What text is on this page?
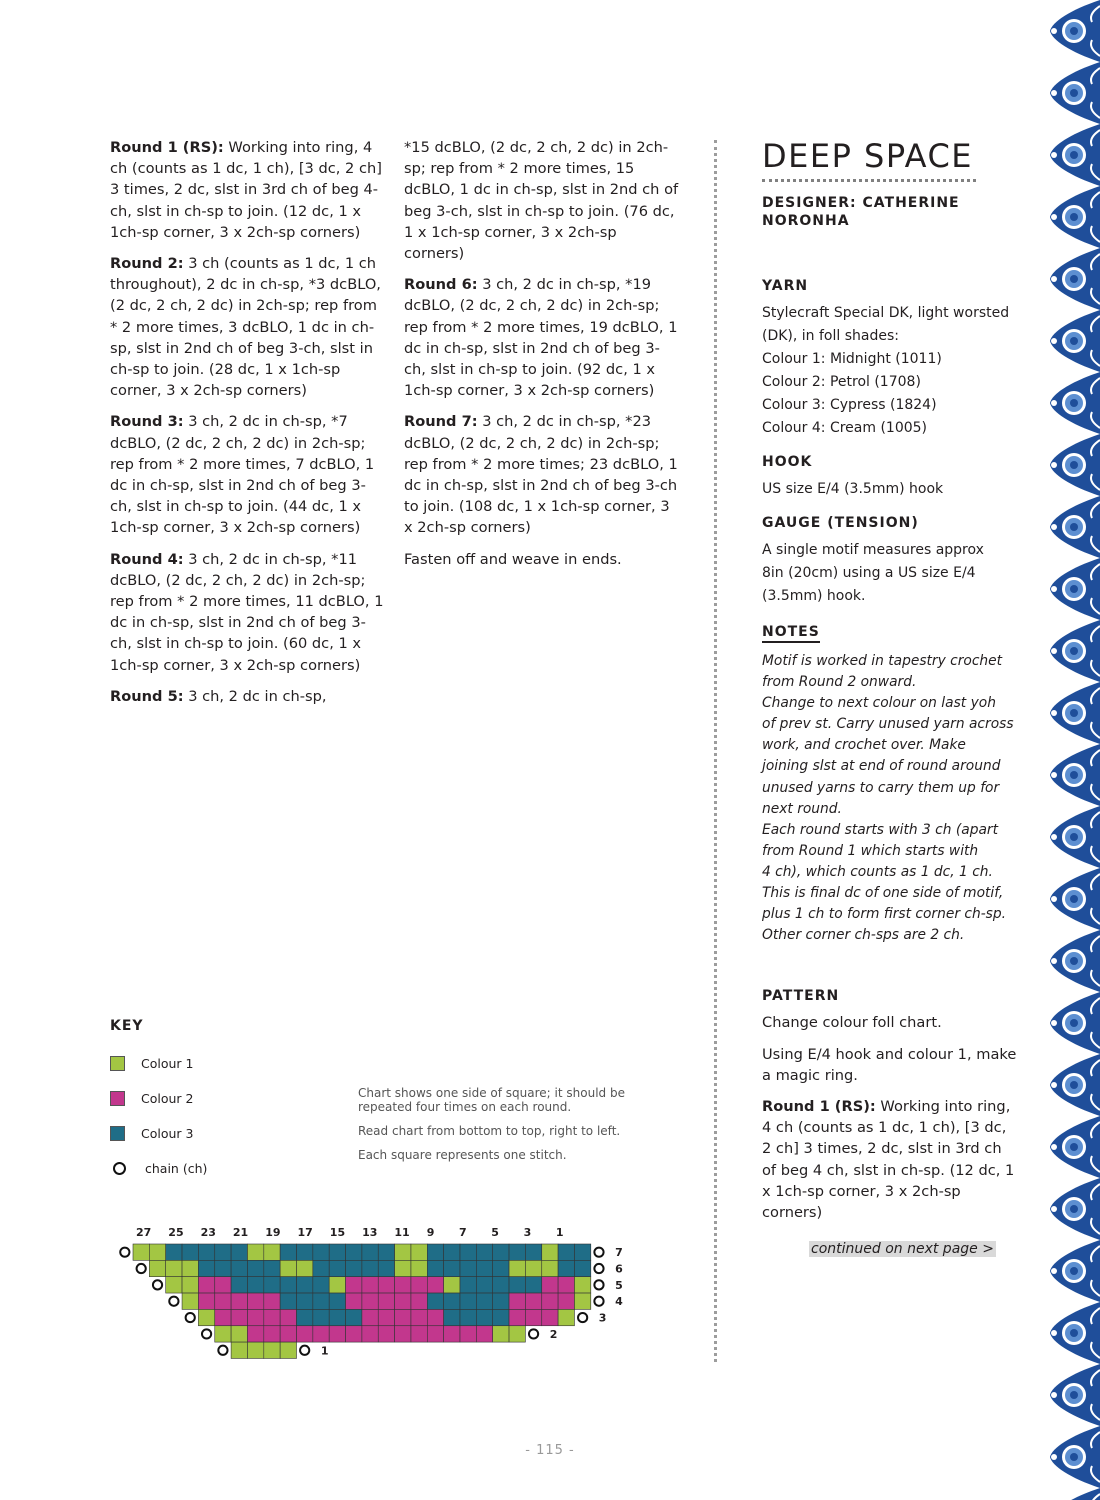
Round 1 (RS): Working into ring, 4 ch (counts as 1 dc, 1 ch), [3 dc, 2 ch] 3 times, 2 dc, slst in 3rd ch of beg 4-ch, slst in ch-sp to join. (12 dc, 1 x 1ch-sp corner, 3 x 2ch-sp corners)

Round 2: 3 ch (counts as 1 dc, 1 ch throughout), 2 dc in ch-sp, *3 dcBLO, (2 dc, 2 ch, 2 dc) in 2ch-sp; rep from * 2 more times, 3 dcBLO, 1 dc in ch-sp, slst in 2nd ch of beg 3-ch, slst in ch-sp to join. (28 dc, 1 x 1ch-sp corner, 3 x 2ch-sp corners)

Round 3: 3 ch, 2 dc in ch-sp, *7 dcBLO, (2 dc, 2 ch, 2 dc) in 2ch-sp; rep from * 2 more times, 7 dcBLO, 1 dc in ch-sp, slst in 2nd ch of beg 3-ch, slst in ch-sp to join. (44 dc, 1 x 1ch-sp corner, 3 x 2ch-sp corners)

Round 4: 3 ch, 2 dc in ch-sp, *11 dcBLO, (2 dc, 2 ch, 2 dc) in 2ch-sp; rep from * 2 more times, 11 dcBLO, 1 dc in ch-sp, slst in 2nd ch of beg 3-ch, slst in ch-sp to join. (60 dc, 1 x 1ch-sp corner, 3 x 2ch-sp corners)

Round 5: 3 ch, 2 dc in ch-sp,

*15 dcBLO, (2 dc, 2 ch, 2 dc) in 2ch-sp; rep from * 2 more times, 15 dcBLO, 1 dc in ch-sp, slst in 2nd ch of beg 3-ch, slst in ch-sp to join. (76 dc, 1 x 1ch-sp corner, 3 x 2ch-sp corners)

Round 6: 3 ch, 2 dc in ch-sp, *19 dcBLO, (2 dc, 2 ch, 2 dc) in 2ch-sp; rep from * 2 more times, 19 dcBLO, 1 dc in ch-sp, slst in 2nd ch of beg 3-ch, slst in ch-sp to join. (92 dc, 1 x 1ch-sp corner, 3 x 2ch-sp corners)

Round 7: 3 ch, 2 dc in ch-sp, *23 dcBLO, (2 dc, 2 ch, 2 dc) in 2ch-sp; rep from * 2 more times; 23 dcBLO, 1 dc in ch-sp, slst in 2nd ch of beg 3-ch to join. (108 dc, 1 x 1ch-sp corner, 3 x 2ch-sp corners)

Fasten off and weave in ends.

DEEP SPACE
DESIGNER: CATHERINE NORONHA
YARN
Stylecraft Special DK, light worsted
(DK), in foll shades:
Colour 1: Midnight (1011)
Colour 2: Petrol (1708)
Colour 3: Cypress (1824)
Colour 4: Cream (1005)
HOOK
US size E/4 (3.5mm) hook
GAUGE (TENSION)
A single motif measures approx
8in (20cm) using a US size E/4
(3.5mm) hook.
NOTES
Motif is worked in tapestry crochet
from Round 2 onward.
Change to next colour on last yoh
of prev st. Carry unused yarn across
work, and crochet over. Make
joining slst at end of round around
unused yarns to carry them up for
next round.
Each round starts with 3 ch (apart
from Round 1 which starts with
4 ch), which counts as 1 dc, 1 ch.
This is final dc of one side of motif,
plus 1 ch to form first corner ch-sp.
Other corner ch-sps are 2 ch.
PATTERN

Change colour foll chart.

Using E/4 hook and colour 1, make a magic ring.

Round 1 (RS): Working into ring, 4 ch (counts as 1 dc, 1 ch), [3 dc, 2 ch] 3 times, 2 dc, slst in 3rd ch of beg 4 ch, slst in ch-sp. (12 dc, 1 x 1ch-sp corner, 3 x 2ch-sp corners)

continued on next page >
KEY
Colour 1
Colour 2
Colour 3
chain (ch)

Chart shows one side of square; it should be repeated four times on each round.

Read chart from bottom to top, right to left.

Each square represents one stitch.

7
6
5
4
3
2
1
27 25 23 21 19 17 15 13 11 9 7 5 3 1
- 115 -
